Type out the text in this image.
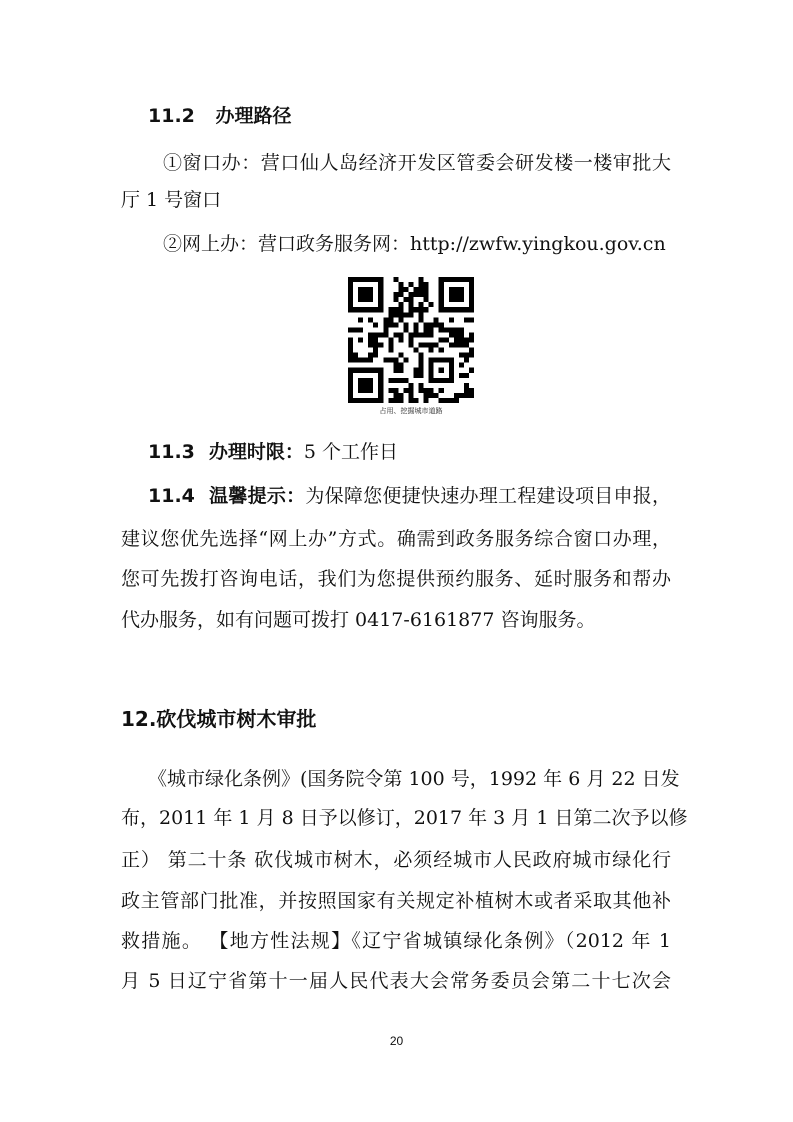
11.2 办理路径
①窗口办：营口仙人岛经济开发区管委会研发楼一楼审批大
厅 1 号窗口
②网上办：营口政务服务网：http://zwfw.yingkou.gov.cn
占用、挖掘城市道路
11.3 办理时限：5 个工作日
11.4 温馨提示：为保障您便捷快速办理工程建设项目申报，
建议您优先选择“网上办”方式。确需到政务服务综合窗口办理，
您可先拨打咨询电话，我们为您提供预约服务、延时服务和帮办
代办服务，如有问题可拨打 0417-6161877 咨询服务。
12.砍伐城市树木审批
《城市绿化条例》(国务院令第 100 号，1992 年 6 月 22 日发
布，2011 年 1 月 8 日予以修订，2017 年 3 月 1 日第二次予以修
正） 第二十条 砍伐城市树木，必须经城市人民政府城市绿化行
政主管部门批准，并按照国家有关规定补植树木或者采取其他补
救措施。 【地方性法规】《辽宁省城镇绿化条例》（2012 年 1
月 5 日辽宁省第十一届人民代表大会常务委员会第二十七次会
20
